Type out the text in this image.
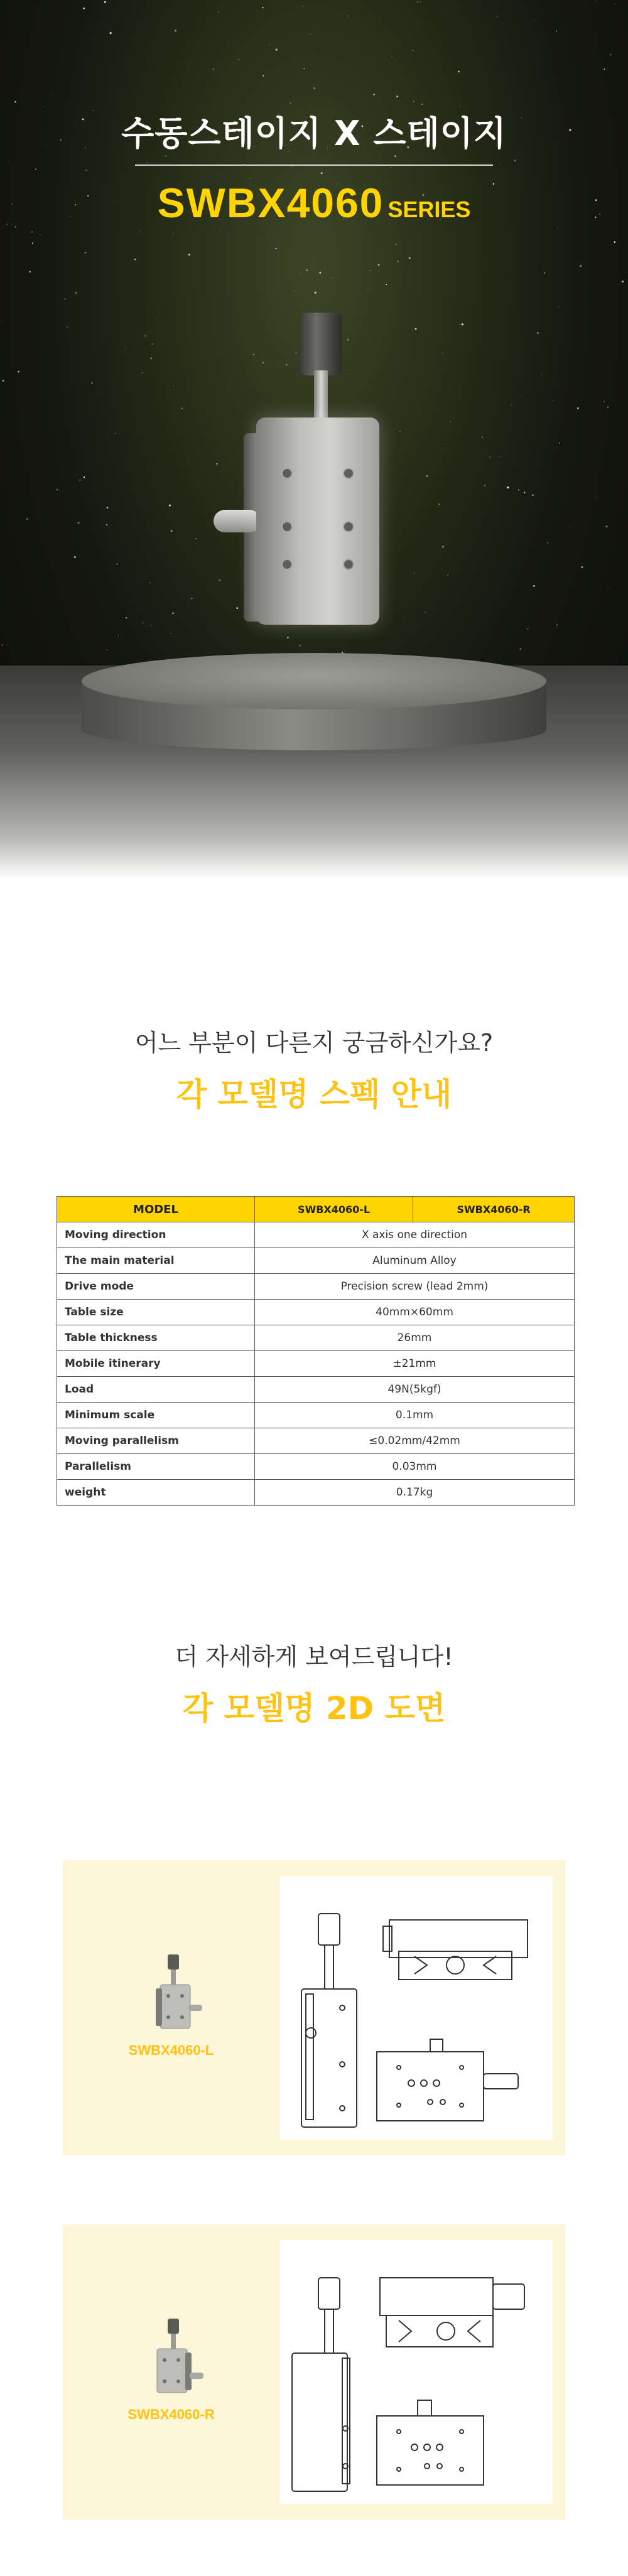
수동스테이지 X 스테이지
SWBX4060 SERIES
어느 부분이 다른지 궁금하신가요?
각 모델명 스펙 안내
MODEL	SWBX4060-L	SWBX4060-R
Moving direction	X axis one direction	
The main material	Aluminum Alloy	
Drive mode	Precision screw (lead 2mm)	
Table size	40mm×60mm	
Table thickness	26mm	
Mobile itinerary	±21mm	
Load	49N(5kgf)	
Minimum scale	0.1mm	
Moving parallelism	≤0.02mm/42mm	
Parallelism	0.03mm	
weight	0.17kg	
더 자세하게 보여드립니다!
각 모델명 2D 도면
SWBX4060-L
SWBX4060-R
